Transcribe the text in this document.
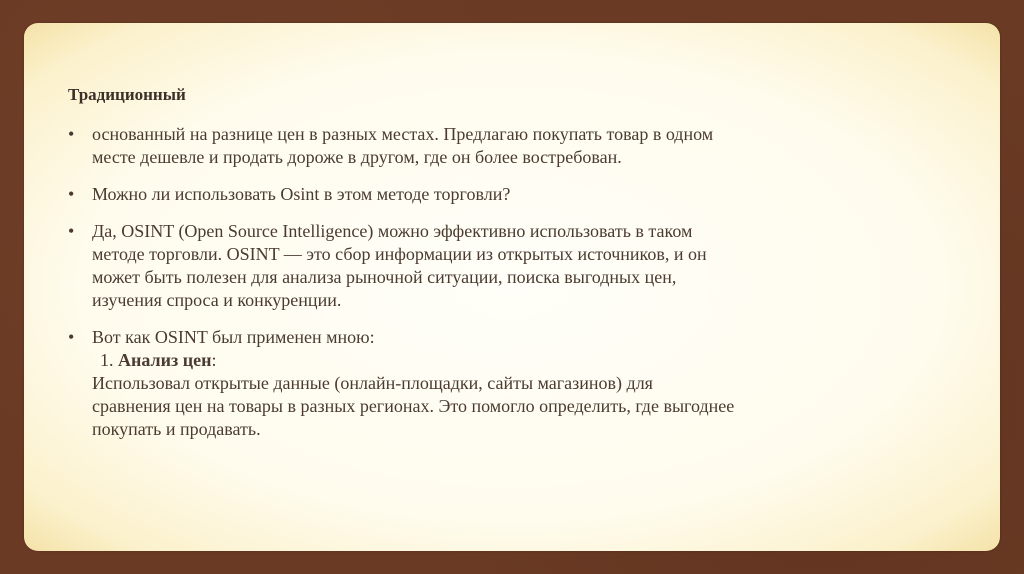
Традиционный
• основанный на разнице цен в разных местах. Предлагаю покупать товар в одном
месте дешевле и продать дороже в другом, где он более востребован.
• Можно ли использовать Osint в этом методе торговли?
• Да, OSINT (Open Source Intelligence) можно эффективно использовать в таком
методе торговли. OSINT — это сбор информации из открытых источников, и он
может быть полезен для анализа рыночной ситуации, поиска выгодных цен,
изучения спроса и конкуренции.
• Вот как OSINT был применен мною:
1. Анализ цен:
Использовал открытые данные (онлайн-площадки, сайты магазинов) для
сравнения цен на товары в разных регионах. Это помогло определить, где выгоднее
покупать и продавать.
